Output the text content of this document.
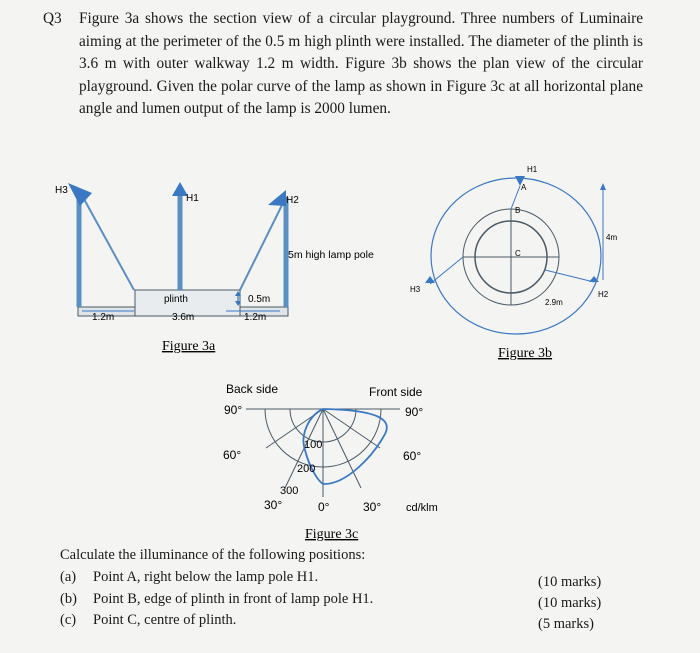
Q3 Figure 3a shows the section view of a circular playground. Three numbers of Luminaire aiming at the perimeter of the 0.5 m high plinth were installed. The diameter of the plinth is 3.6 m with outer walkway 1.2 m width. Figure 3b shows the plan view of the circular playground. Given the polar curve of the lamp as shown in Figure 3c at all horizontal plane angle and lumen output of the lamp is 2000 lumen.
H3
H1	H2
5m high lamp pole
plinth	0.5m
1.2m	3.6m	1.2m
Figure 3a
H1
A
B
C
H3
H2
2.9m
4m
Figure 3b
Back side	Front side
90°	90°
60°	60°
30°	30°
0°
100
200
300
cd/klm
Figure 3c
Calculate the illuminance of the following positions:
(a) Point A, right below the lamp pole H1.
(b) Point B, edge of plinth in front of lamp pole H1.
(c) Point C, centre of plinth.
(10 marks)
(10 marks)
(5 marks)
